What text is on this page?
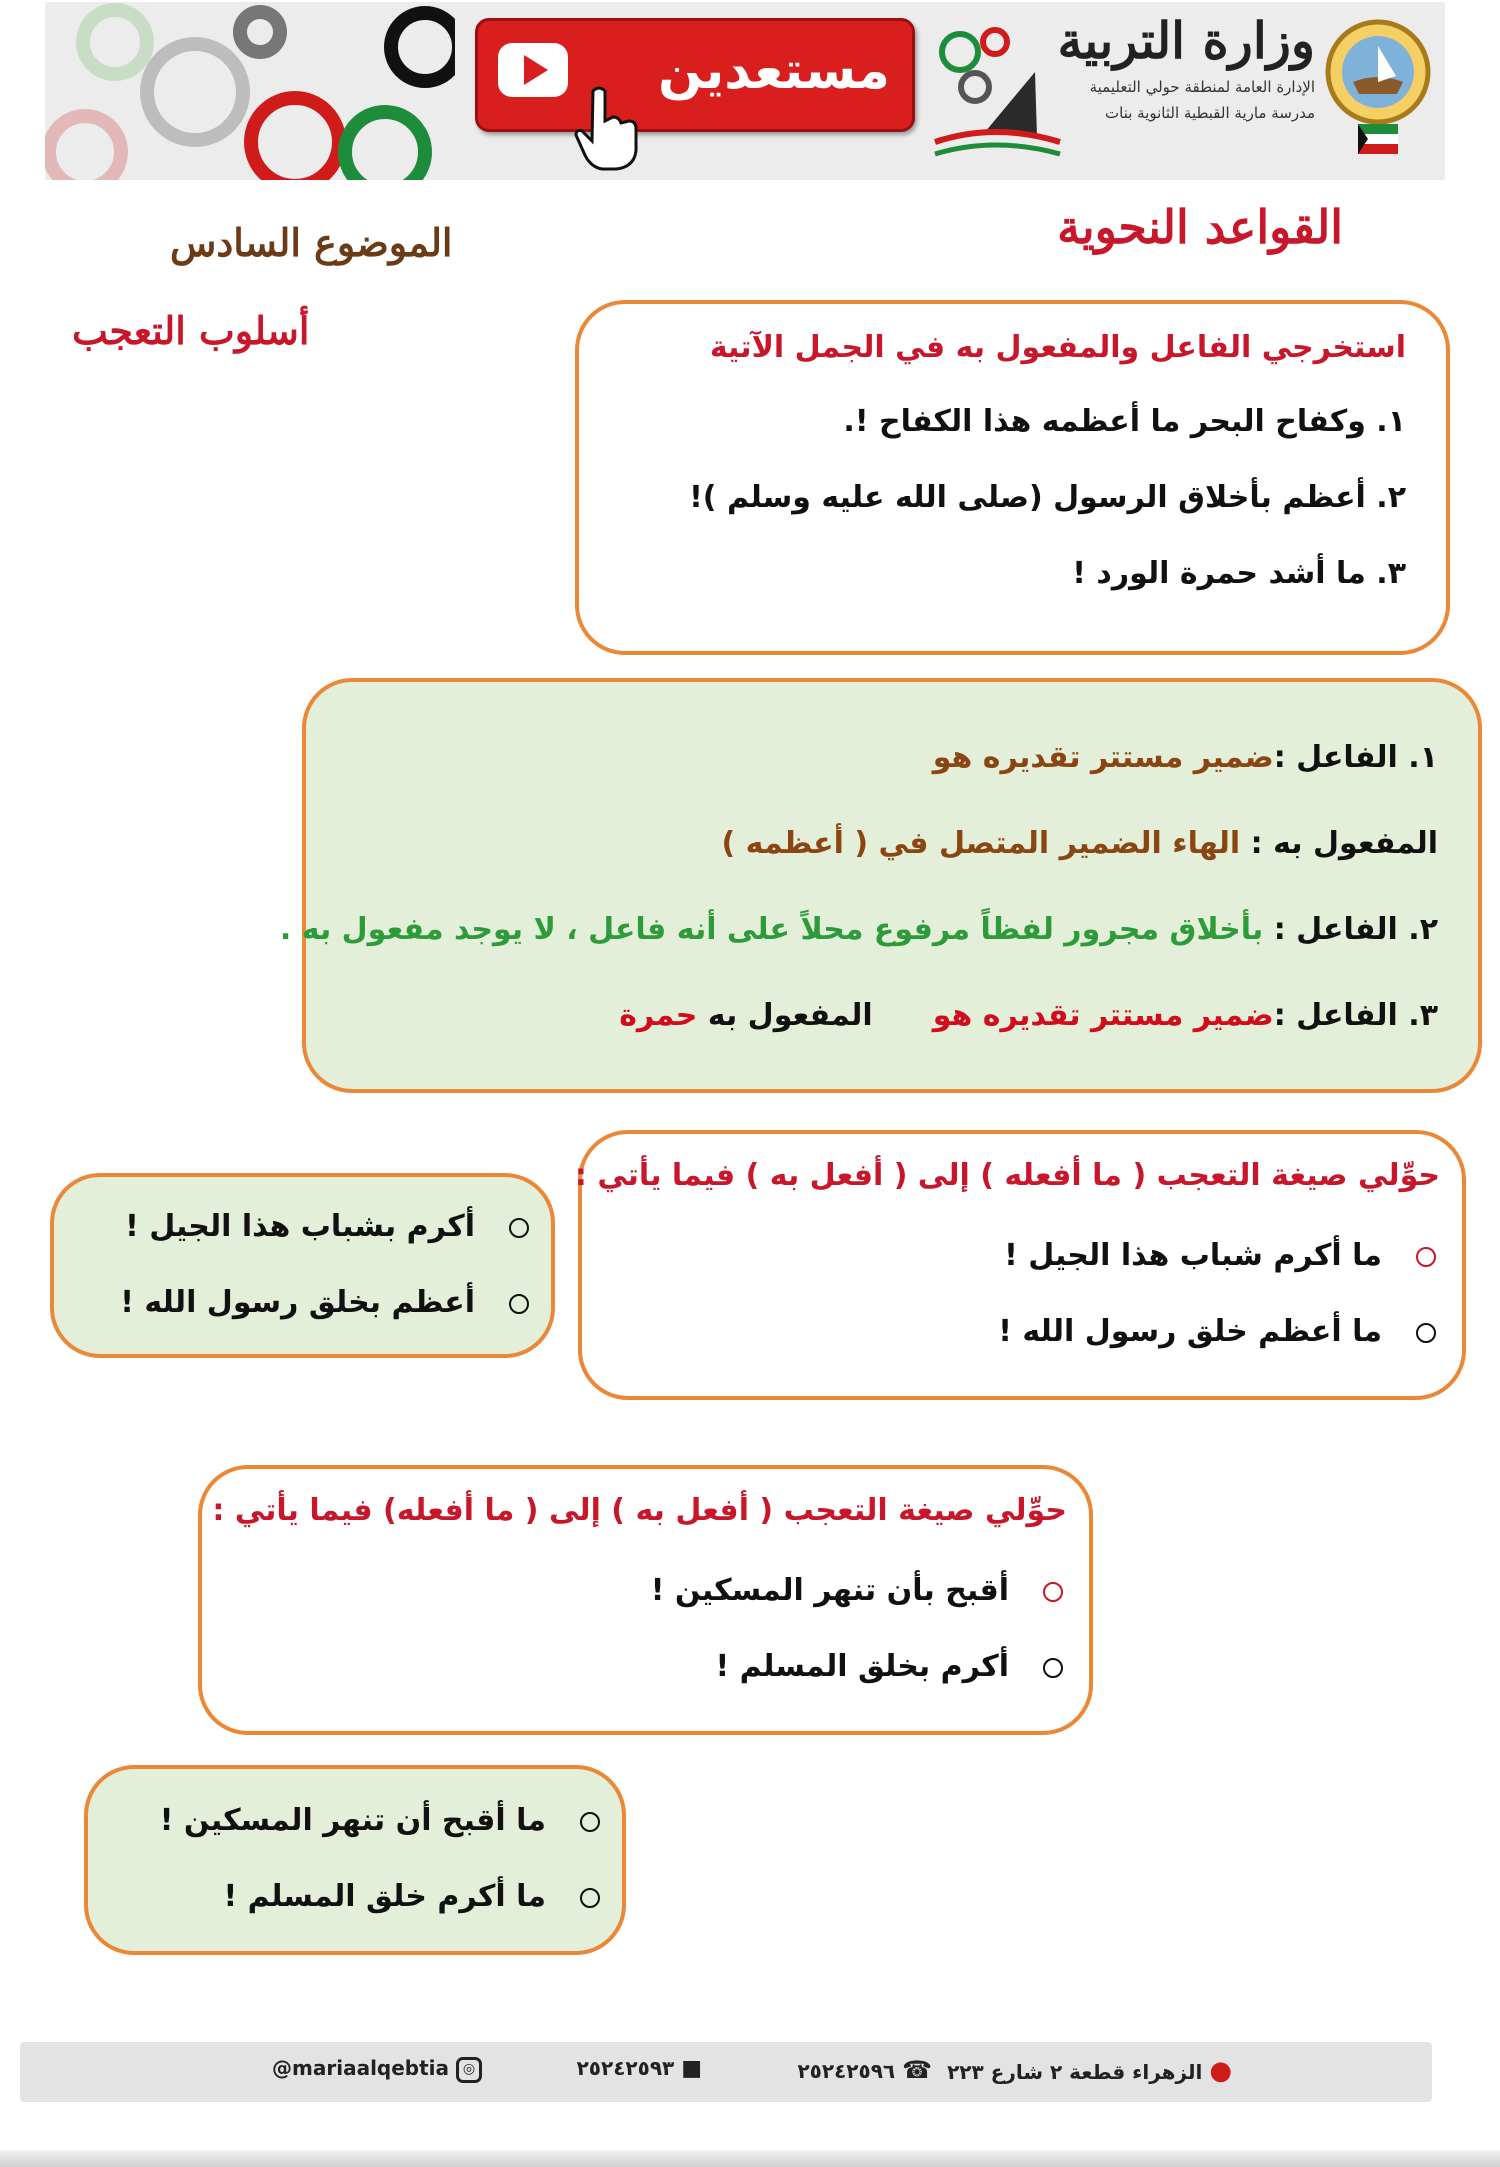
مستعدين
وزارة التربية
الإدارة العامة لمنطقة حولي التعليمية
مدرسة مارية القبطية الثانوية بنات
القواعد النحوية
الموضوع السادس
أسلوب التعجب	استخرجي الفاعل والمفعول به في الجمل الآتية
١. وكفاح البحر ما أعظمه هذا الكفاح !.
٢. أعظم بأخلاق الرسول (صلى الله عليه وسلم )!
٣. ما أشد حمرة الورد !
١. الفاعل :ضمير مستتر تقديره هو
المفعول به : الهاء الضمير المتصل في ( أعظمه )
٢. الفاعل : بأخلاق مجرور لفظاً مرفوع محلاً على أنه فاعل ، لا يوجد مفعول به .
٣. الفاعل :ضمير مستتر تقديره هوالمفعول به حمرة
حوِّلي صيغة التعجب ( ما أفعله ) إلى ( أفعل به ) فيما يأتي :
ما أكرم شباب هذا الجيل !
ما أعظم خلق رسول الله !
أكرم بشباب هذا الجيل !
أعظم بخلق رسول الله !
حوِّلي صيغة التعجب ( أفعل به ) إلى ( ما أفعله) فيما يأتي :
أقبح بأن تنهر المسكين !
أكرم بخلق المسلم !
ما أقبح أن تنهر المسكين !
ما أكرم خلق المسلم !
● الزهراء قطعة ٢ شارع ٢٢٣
☎ ٢٥٢٤٢٥٩٦
■ ٢٥٢٤٢٥٩٣
@mariaalqebtia ◎
